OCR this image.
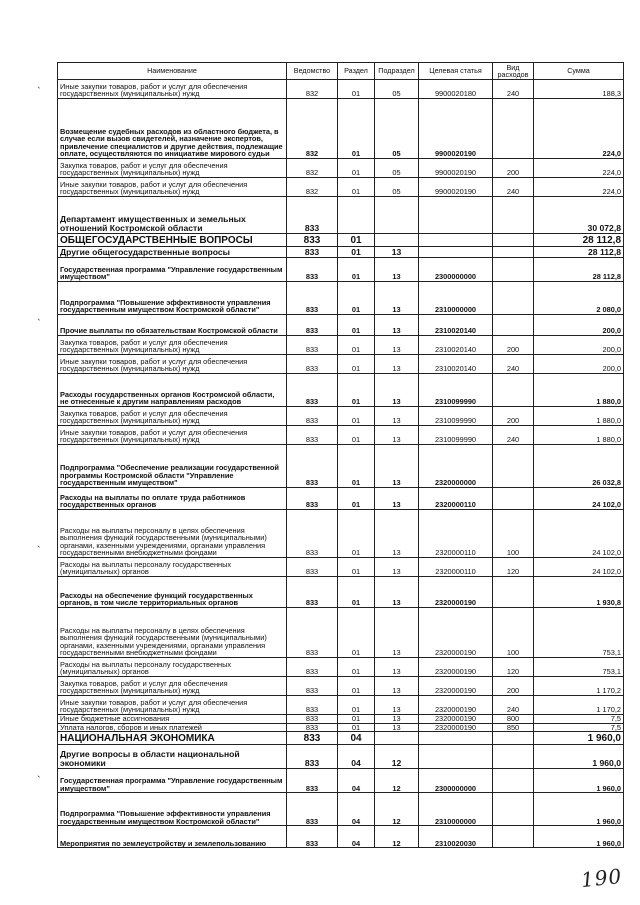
Наименование	Ведомство	Раздел	Подраздел	Целевая статья	Вид расходов	Сумма
Иные закупки товаров, работ и услуг для обеспечения государственных (муниципальных) нужд	832	01	05	9900020180	240	188,3
Возмещение судебных расходов из областного бюджета, в случае если вызов свидетелей, назначение экспертов, привлечение специалистов и другие действия, подлежащие оплате, осуществляются по инициативе мирового судьи	832	01	05	9900020190		224,0
Закупка товаров, работ и услуг для обеспечения государственных (муниципальных) нужд	832	01	05	9900020190	200	224,0
Иные закупки товаров, работ и услуг для обеспечения государственных (муниципальных) нужд	832	01	05	9900020190	240	224,0
Департамент имущественных и земельных отношений Костромской области	833					30 072,8
ОБЩЕГОСУДАРСТВЕННЫЕ ВОПРОСЫ	833	01				28 112,8
Другие общегосударственные вопросы	833	01	13			28 112,8
Государственная программа "Управление государственным имуществом"	833	01	13	2300000000		28 112,8
Подпрограмма "Повышение эффективности управления государственным имуществом Костромской области"	833	01	13	2310000000		2 080,0
Прочие выплаты по обязательствам Костромской области	833	01	13	2310020140		200,0
Закупка товаров, работ и услуг для обеспечения государственных (муниципальных) нужд	833	01	13	2310020140	200	200,0
Иные закупки товаров, работ и услуг для обеспечения государственных (муниципальных) нужд	833	01	13	2310020140	240	200,0
Расходы государственных органов Костромской области, не отнесенные к другим направлениям расходов	833	01	13	2310099990		1 880,0
Закупка товаров, работ и услуг для обеспечения государственных (муниципальных) нужд	833	01	13	2310099990	200	1 880,0
Иные закупки товаров, работ и услуг для обеспечения государственных (муниципальных) нужд	833	01	13	2310099990	240	1 880,0
Подпрограмма "Обеспечение реализации государственной программы Костромской области "Управление государственным имуществом"	833	01	13	2320000000		26 032,8
Расходы на выплаты по оплате труда работников государственных органов	833	01	13	2320000110		24 102,0
Расходы на выплаты персоналу в целях обеспечения выполнения функций государственными (муниципальными) органами, казенными учреждениями, органами управления государственными внебюджетными фондами	833	01	13	2320000110	100	24 102,0
Расходы на выплаты персоналу государственных (муниципальных) органов	833	01	13	2320000110	120	24 102,0
Расходы на обеспечение функций государственных органов, в том числе территориальных органов	833	01	13	2320000190		1 930,8
Расходы на выплаты персоналу в целях обеспечения выполнения функций государственными (муниципальными) органами, казенными учреждениями, органами управления государственными внебюджетными фондами	833	01	13	2320000190	100	753,1
Расходы на выплаты персоналу государственных (муниципальных) органов	833	01	13	2320000190	120	753,1
Закупка товаров, работ и услуг для обеспечения государственных (муниципальных) нужд	833	01	13	2320000190	200	1 170,2
Иные закупки товаров, работ и услуг для обеспечения государственных (муниципальных) нужд	833	01	13	2320000190	240	1 170,2
Иные бюджетные ассигнования	833	01	13	2320000190	800	7,5
Уплата налогов, сборов и иных платежей	833	01	13	2320000190	850	7,5
НАЦИОНАЛЬНАЯ ЭКОНОМИКА	833	04				1 960,0
Другие вопросы в области национальной экономики	833	04	12			1 960,0
Государственная программа "Управление государственным имуществом"	833	04	12	2300000000		1 960,0
Подпрограмма "Повышение эффективности управления государственным имуществом Костромской области"	833	04	12	2310000000		1 960,0
Мероприятия по землеустройству и землепользованию	833	04	12	2310020030		1 960,0
`
`
`
`
190
